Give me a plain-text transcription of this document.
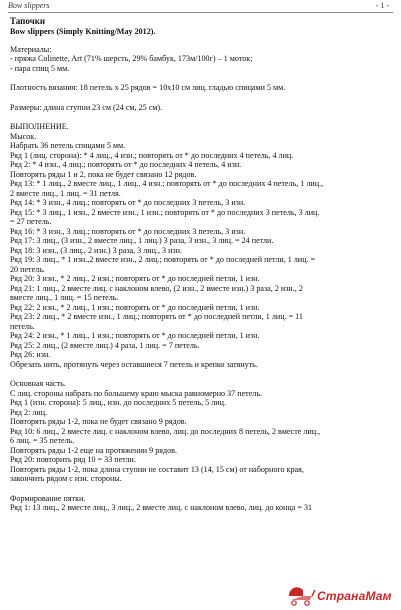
Bow slippers	- 1 -

Тапочки

Bow slippers (Simply Knitting/May 2012).

Материалы:

- пряжа Colinette, Art (71% шерсть, 29% бамбук, 173м/100г) – 1 моток;

- пара спиц 5 мм.

Плотность вязания: 18 петель х 25 рядов = 10х10 см лиц. гладью спицами 5 мм.

Размеры: длина ступни 23 см (24 см, 25 см).

ВЫПОЛНЕНИЕ.

Мысок.

Набрать 36 петель спицами 5 мм.

Ряд 1 (лиц. сторона): * 4 лиц., 4 изн.; повторять от * до последних 4 петель, 4 лиц.

Ряд 2: * 4 изн., 4 лиц.; повторять от * до последних 4 петель, 4 изн.

Повторять ряды 1 и 2, пока не будет связано 12 рядов.

Ряд 13: * 1 лиц., 2 вместе лиц., 1 лиц., 4 изн.; повторять от * до последних 4 петель, 1 лиц.,

2 вместе лиц., 1 лиц. = 31 петля.

Ряд 14: * 3 изн., 4 лиц.; повторять от * до последних 3 петель, 3 изн.

Ряд 15: * 3 лиц., 1 изн., 2 вместе изн., 1 изн.; повторять от * до последних 3 петель, 3 лиц.

= 27 петель.

Ряд 16: * 3 изн., 3 лиц.; повторять от * до последних 3 петель, 3 изн.

Ряд 17: 3 лиц., (3 изн., 2 вместе лиц., 1 лиц.) 3 раза, 3 изн., 3 лиц. = 24 петли.

Ряд 18: 3 изн., (3 лиц., 2 изн.) 3 раза, 3 лиц., 3 изн.

Ряд 19: 3 лиц., * 1 изн.,2 вместе изн., 2 лиц.; повторять от * до последней петли, 1 лиц. =

20 петель.

Ряд 20: 3 изн., * 2 лиц., 2 изн.; повторять от * до последней петли, 1 изн.

Ряд 21: 1 лиц., 2 вместе лиц. с наклоном влево, (2 изн., 2 вместе изн.) 3 раза, 2 изн., 2

вместе лиц., 1 лиц. = 15 петель.

Ряд 22: 2 изн., * 2 лиц., 1 изн.; повторять от * до последней петли, 1 изн.

Ряд 23: 2 лиц., * 2 вместе изн., 1 лиц.; повторять от * до последней петли, 1 лиц. = 11

петель.

Ряд 24: 2 изн., * 1 лиц., 1 изн.; повторять от * до последней петли, 1 изн.

Ряд 25: 2 лиц., (2 вместе лиц.) 4 раза, 1 лиц. = 7 петель.

Ряд 26: изн.

Обрезать нить, протянуть через оставшиеся 7 петель и крепко затянуть.

Основная часть.

С лиц. стороны набрать по большему краю мыска равномерно 37 петель.

Ряд 1 (изн. сторона): 5 лиц., изн. до последних 5 петель, 5 лиц.

Ряд 2: лиц.

Повторять ряды 1-2, пока не будет связано 9 рядов.

Ряд 10: 6 лиц., 2 вместе лиц. с наклоном влево, лиц. до последних 8 петель, 2 вместе лиц.,

6 лиц. = 35 петель.

Повторять ряды 1-2 еще на протяжении 9 рядов.

Ряд 20: повторить ряд 10 = 33 петли.

Повторять ряды 1-2, пока длина ступни не составит 13 (14, 15 см) от наборного края,

закончить рядом с изн. стороны.

Формирование пятки.

Ряд 1: 13 лиц., 2 вместе лиц., 3 лиц., 2 вместе лиц. с наклоном влево, лиц. до конца = 31

СтранаМам
